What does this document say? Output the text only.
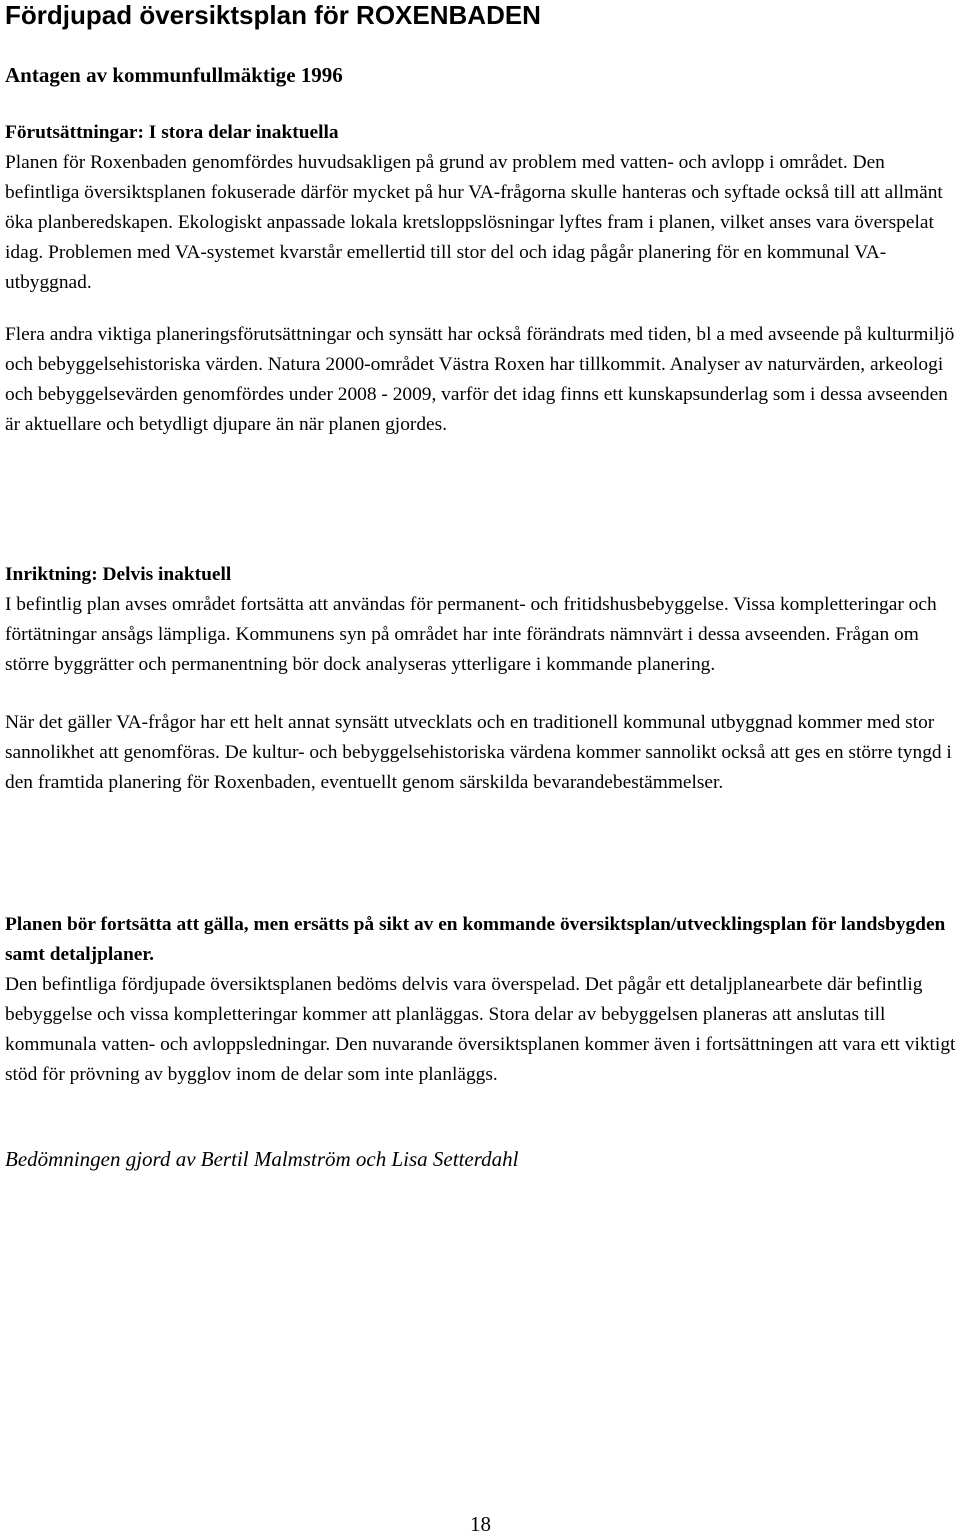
Fördjupad översiktsplan för ROXENBADEN

Antagen av kommunfullmäktige 1996

Förutsättningar: I stora delar inaktuella

Planen för Roxenbaden genomfördes huvudsakligen på grund av problem med vatten- och avlopp i området. Den befintliga översiktsplanen fokuserade därför mycket på hur VA-frågorna skulle hanteras och syftade också till att allmänt öka planberedskapen. Ekologiskt anpassade lokala kretsloppslösningar lyftes fram i planen, vilket anses vara överspelat idag. Problemen med VA-systemet kvarstår emellertid till stor del och idag pågår planering för en kommunal VA-utbyggnad.

Flera andra viktiga planeringsförutsättningar och synsätt har också förändrats med tiden, bl a med avseende på kulturmiljö och bebyggelsehistoriska värden. Natura 2000-området Västra Roxen har tillkommit. Analyser av naturvärden, arkeologi och bebyggelsevärden genomfördes under 2008 - 2009, varför det idag finns ett kunskapsunderlag som i dessa avseenden är aktuellare och betydligt djupare än när planen gjordes.

Inriktning: Delvis inaktuell

I befintlig plan avses området fortsätta att användas för permanent- och fritidshusbebyggelse. Vissa kompletteringar och förtätningar ansågs lämpliga. Kommunens syn på området har inte förändrats nämnvärt i dessa avseenden. Frågan om större byggrätter och permanentning bör dock analyseras ytterligare i kommande planering.

När det gäller VA-frågor har ett helt annat synsätt utvecklats och en traditionell kommunal utbyggnad kommer med stor sannolikhet att genomföras. De kultur- och bebyggelsehistoriska värdena kommer sannolikt också att ges en större tyngd i den framtida planering för Roxenbaden, eventuellt genom särskilda bevarandebestämmelser.

Planen bör fortsätta att gälla, men ersätts på sikt av en kommande översiktsplan/utvecklingsplan för landsbygden samt detaljplaner.

Den befintliga fördjupade översiktsplanen bedöms delvis vara överspelad. Det pågår ett detaljplanearbete där befintlig bebyggelse och vissa kompletteringar kommer att planläggas. Stora delar av bebyggelsen planeras att anslutas till kommunala vatten- och avloppsledningar. Den nuvarande översiktsplanen kommer även i fortsättningen att vara ett viktigt stöd för prövning av bygglov inom de delar som inte planläggs.

Bedömningen gjord av Bertil Malmström och Lisa Setterdahl

18
